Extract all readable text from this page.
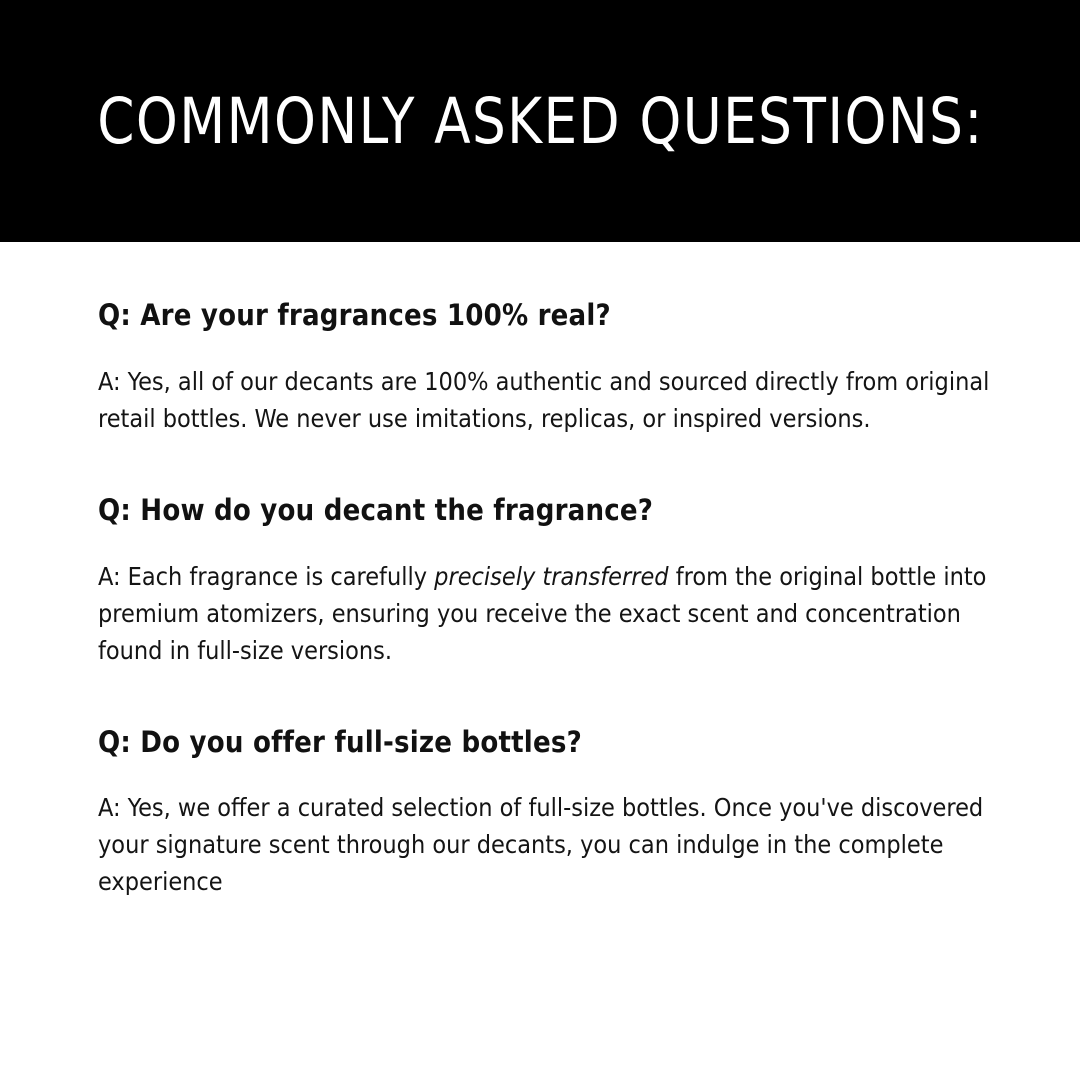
COMMONLY ASKED QUESTIONS:

Q: Are your fragrances 100% real?

A: Yes, all of our decants are 100% authentic and sourced directly from original retail bottles. We never use imitations, replicas, or inspired versions.

Q: How do you decant the fragrance?

A: Each fragrance is carefully precisely transferred from the original bottle into premium atomizers, ensuring you receive the exact scent and concentration found in full-size versions.

Q: Do you offer full-size bottles?

A: Yes, we offer a curated selection of full-size bottles. Once you've discovered your signature scent through our decants, you can indulge in the complete experience
